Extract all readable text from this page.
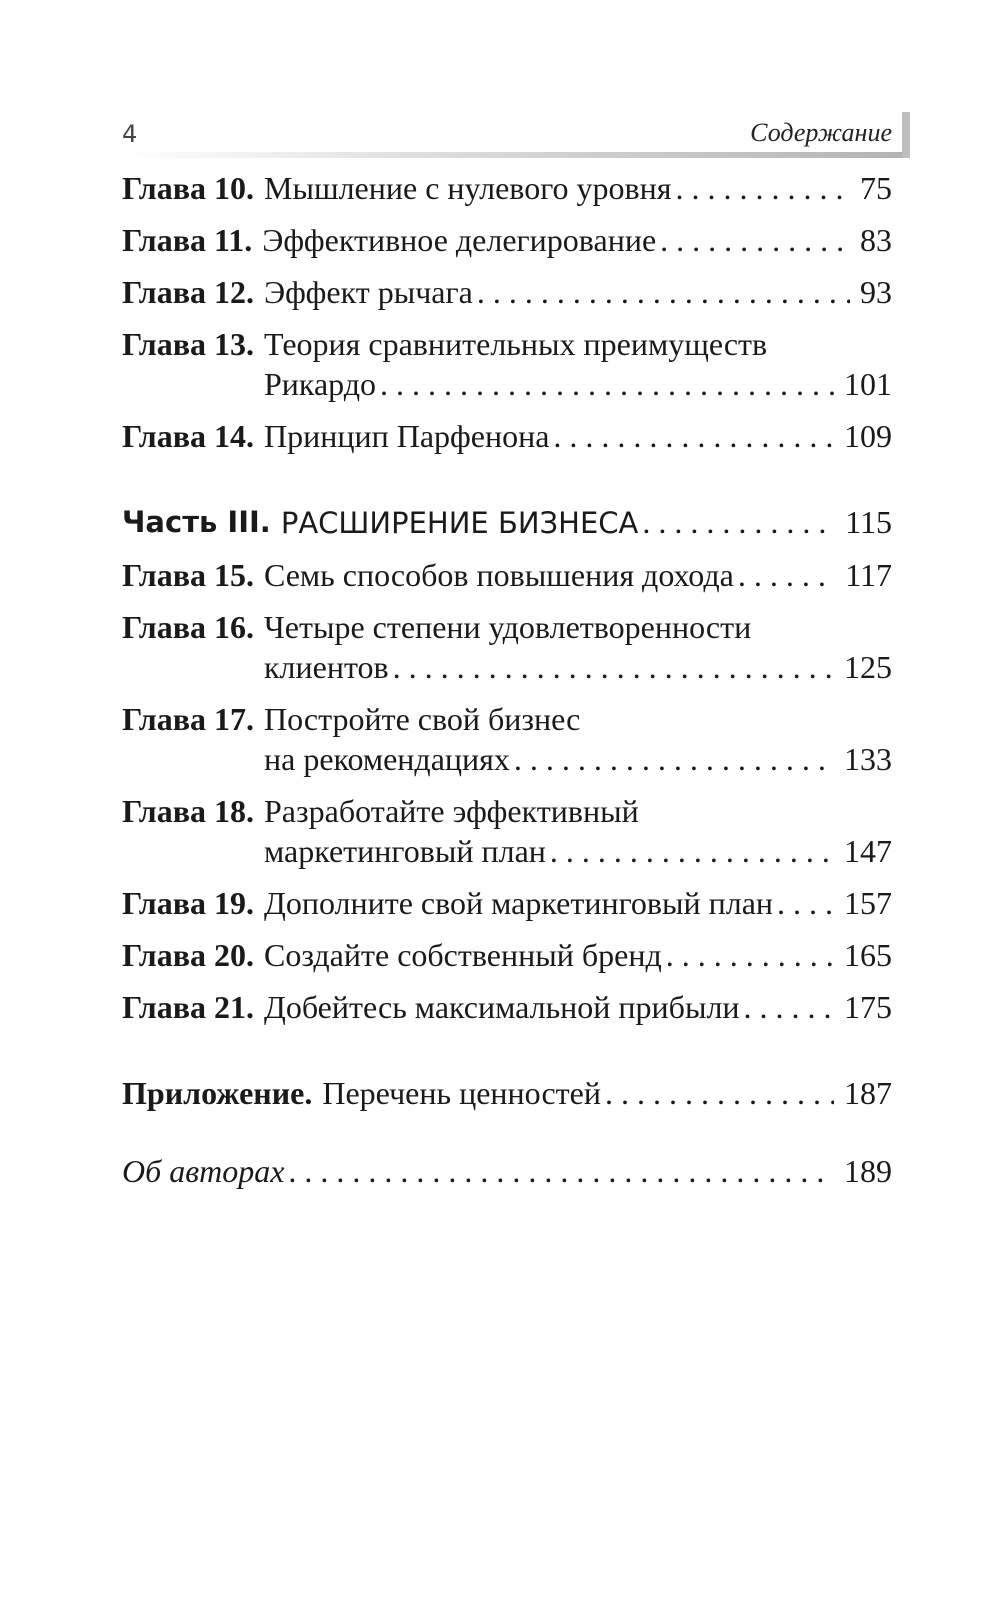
4	Содержание
Глава 10. Мышление с нулевого уровня . . .	75
Глава 11. Эффективное делегирование . . .	83
Глава 12. Эффект рычага . . .	93
Глава 13. Теория сравнительных преимуществ
Рикардо . . .	101
Глава 14. Принцип Парфенона . . .	109
Часть III. РАСШИРЕНИЕ БИЗНЕСА . . .	115
Глава 15. Семь способов повышения дохода . . .	117
Глава 16. Четыре степени удовлетворенности
клиентов . . .	125
Глава 17. Постройте свой бизнес
на рекомендациях . . .	133
Глава 18. Разработайте эффективный
маркетинговый план . . .	147
Глава 19. Дополните свой маркетинговый план . . .	157
Глава 20. Создайте собственный бренд . . .	165
Глава 21. Добейтесь максимальной прибыли . . .	175
Приложение. Перечень ценностей . . .	187
Об авторах . . .	189
